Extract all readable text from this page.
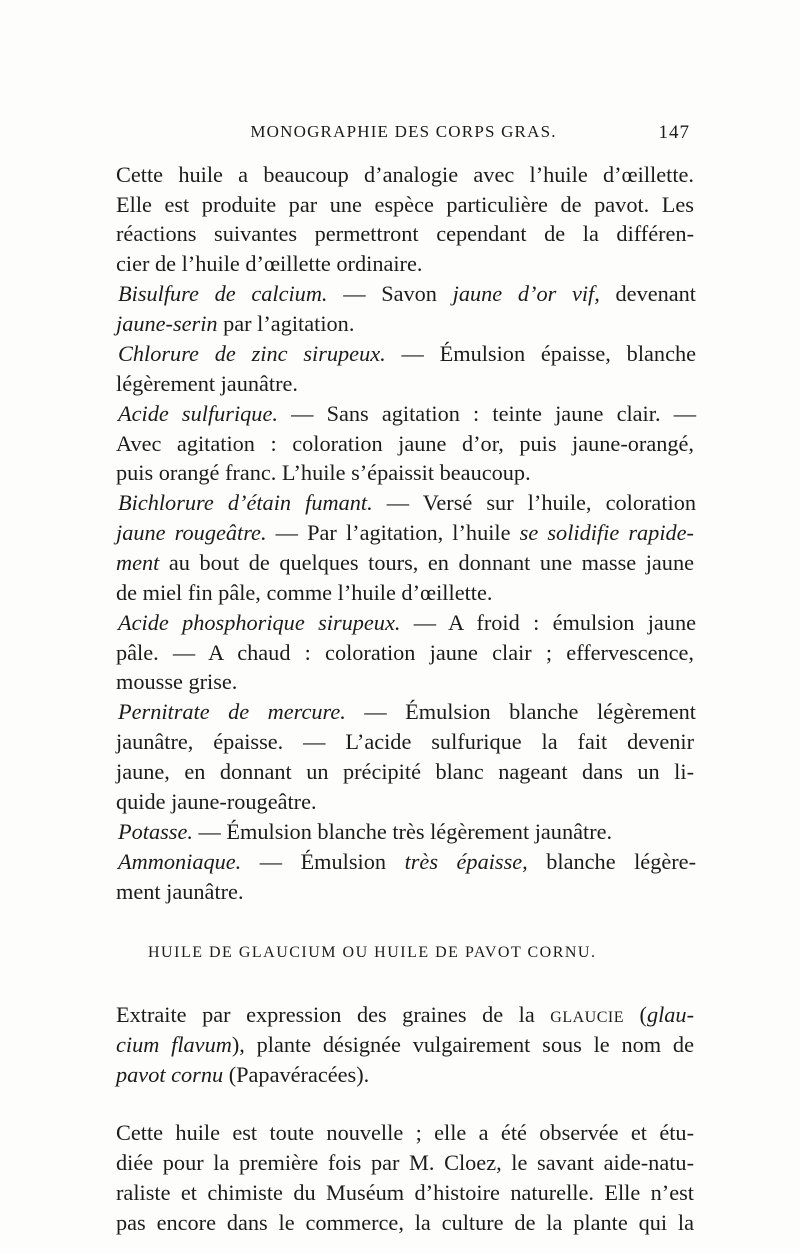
MONOGRAPHIE DES CORPS GRAS.	147
Cette huile a beaucoup d’analogie avec l’huile d’œillette.
Elle est produite par une espèce particulière de pavot. Les
réactions suivantes permettront cependant de la différen-
cier de l’huile d’œillette ordinaire.
Bisulfure de calcium. — Savon jaune d’or vif, devenant
jaune-serin par l’agitation.
Chlorure de zinc sirupeux. — Émulsion épaisse, blanche
légèrement jaunâtre.
Acide sulfurique. — Sans agitation : teinte jaune clair. —
Avec agitation : coloration jaune d’or, puis jaune-orangé,
puis orangé franc. L’huile s’épaissit beaucoup.
Bichlorure d’étain fumant. — Versé sur l’huile, coloration
jaune rougeâtre. — Par l’agitation, l’huile se solidifie rapide-
ment au bout de quelques tours, en donnant une masse jaune
de miel fin pâle, comme l’huile d’œillette.
Acide phosphorique sirupeux. — A froid : émulsion jaune
pâle. — A chaud : coloration jaune clair ; effervescence,
mousse grise.
Pernitrate de mercure. — Émulsion blanche légèrement
jaunâtre, épaisse. — L’acide sulfurique la fait devenir
jaune, en donnant un précipité blanc nageant dans un li-
quide jaune-rougeâtre.
Potasse. — Émulsion blanche très légèrement jaunâtre.
Ammoniaque. — Émulsion très épaisse, blanche légère-
ment jaunâtre.
HUILE DE GLAUCIUM OU HUILE DE PAVOT CORNU.
Extraite par expression des graines de la glaucie (glau-
cium flavum), plante désignée vulgairement sous le nom de
pavot cornu (Papavéracées).
Cette huile est toute nouvelle ; elle a été observée et étu-
diée pour la première fois par M. Cloez, le savant aide-natu-
raliste et chimiste du Muséum d’histoire naturelle. Elle n’est
pas encore dans le commerce, la culture de la plante qui la
